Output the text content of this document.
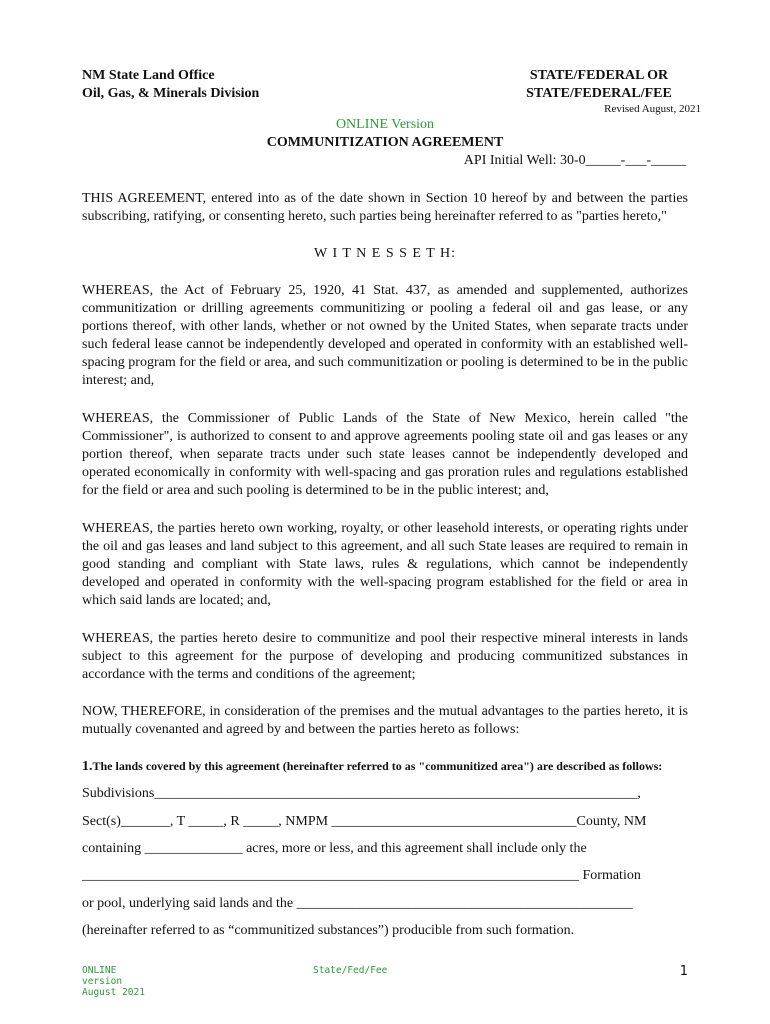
NM State Land Office
Oil, Gas, & Minerals Division
STATE/FEDERAL OR
STATE/FEDERAL/FEE
Revised August, 2021
ONLINE Version
COMMUNITIZATION AGREEMENT
API Initial Well: 30-0_____-___-_____

THIS AGREEMENT, entered into as of the date shown in Section 10 hereof by and between the parties subscribing, ratifying, or consenting hereto, such parties being hereinafter referred to as "parties hereto,"

W I T N E S S E T H:

WHEREAS, the Act of February 25, 1920, 41 Stat. 437, as amended and supplemented, authorizes communitization or drilling agreements communitizing or pooling a federal oil and gas lease, or any portions thereof, with other lands, whether or not owned by the United States, when separate tracts under such federal lease cannot be independently developed and operated in conformity with an established well-spacing program for the field or area, and such communitization or pooling is determined to be in the public interest; and,

WHEREAS, the Commissioner of Public Lands of the State of New Mexico, herein called "the Commissioner", is authorized to consent to and approve agreements pooling state oil and gas leases or any portion thereof, when separate tracts under such state leases cannot be independently developed and operated economically in conformity with well-spacing and gas proration rules and regulations established for the field or area and such pooling is determined to be in the public interest; and,

WHEREAS, the parties hereto own working, royalty, or other leasehold interests, or operating rights under the oil and gas leases and land subject to this agreement, and all such State leases are required to remain in good standing and compliant with State laws, rules & regulations, which cannot be independently developed and operated in conformity with the well-spacing program established for the field or area in which said lands are located; and,

WHEREAS, the parties hereto desire to communitize and pool their respective mineral interests in lands subject to this agreement for the purpose of developing and producing communitized substances in accordance with the terms and conditions of the agreement;

NOW, THEREFORE, in consideration of the premises and the mutual advantages to the parties hereto, it is mutually covenanted and agreed by and between the parties hereto as follows:

1.The lands covered by this agreement (hereinafter referred to as "communitized area") are described as follows:
Subdivisions_____________________________________________________________________,
Sect(s)_______, T _____, R _____, NMPM ___________________________________County, NM
containing ______________ acres, more or less, and this agreement shall include only the
_______________________________________________________________________ Formation
or pool, underlying said lands and the ________________________________________________
(hereinafter referred to as “communitized substances”) producible from such formation.
ONLINE
version
August 2021
State/Fed/Fee	1
